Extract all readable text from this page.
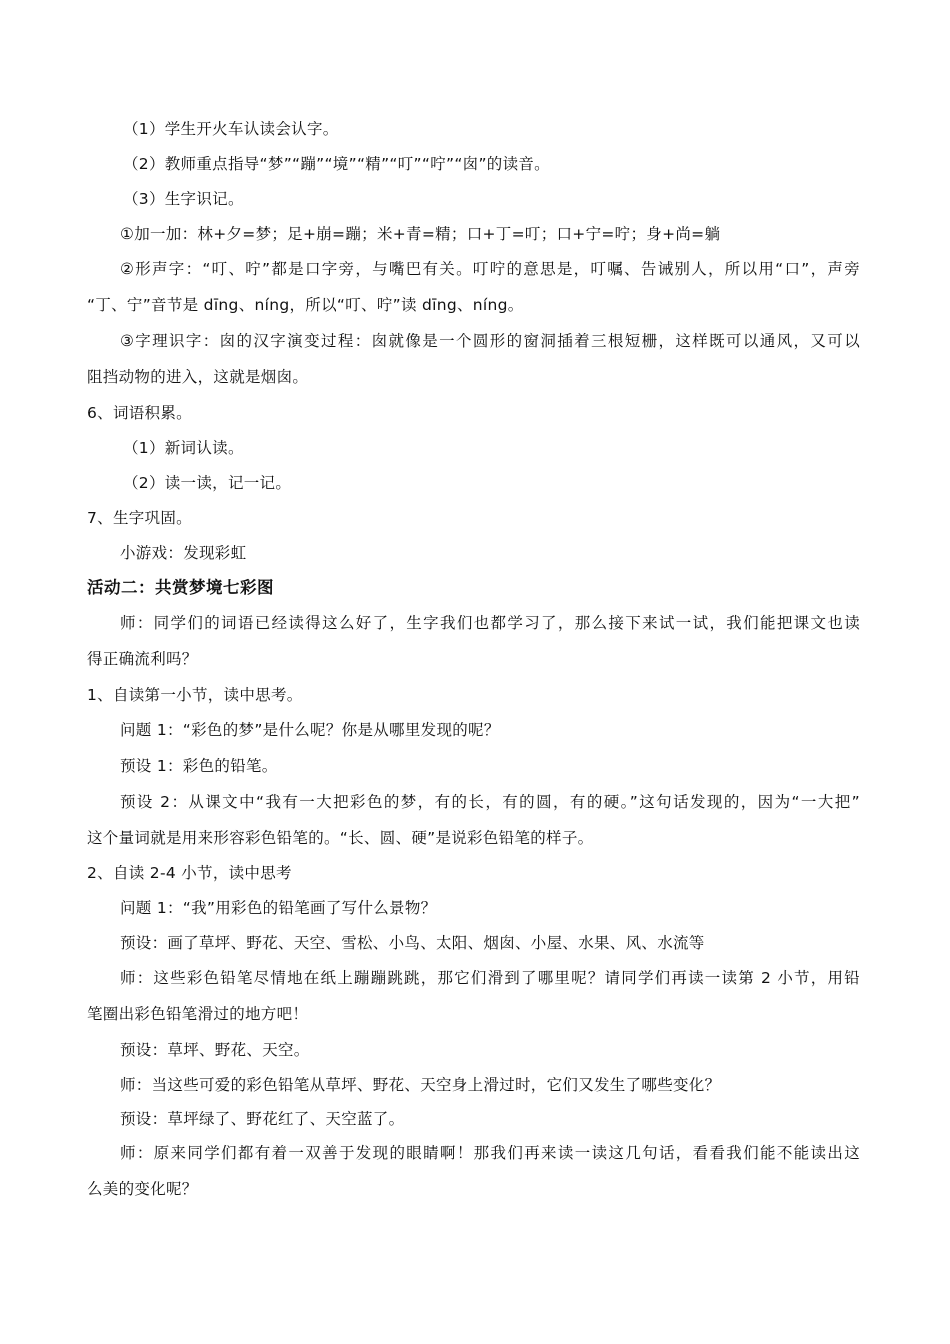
（1）学生开火车认读会认字。
（2）教师重点指导“梦”“蹦”“境”“精”“叮”“咛”“囱”的读音。
（3）生字识记。
①加一加：林+夕=梦；足+崩=蹦；米+青=精；口+丁=叮；口+宁=咛；身+尚=躺
②形声字：“叮、咛”都是口字旁，与嘴巴有关。叮咛的意思是，叮嘱、告诫别人，所以用“口”，声旁
“丁、宁”音节是 dīng、níng，所以“叮、咛”读 dīng、níng。
③字理识字：囱的汉字演变过程：囱就像是一个圆形的窗洞插着三根短栅，这样既可以通风，又可以
阻挡动物的进入，这就是烟囱。
6、词语积累。
（1）新词认读。
（2）读一读，记一记。
7、生字巩固。
小游戏：发现彩虹
活动二：共赏梦境七彩图
师：同学们的词语已经读得这么好了，生字我们也都学习了，那么接下来试一试，我们能把课文也读
得正确流利吗？
1、自读第一小节，读中思考。
问题 1：“彩色的梦”是什么呢？你是从哪里发现的呢？
预设 1：彩色的铅笔。
预设 2：从课文中“我有一大把彩色的梦，有的长，有的圆，有的硬。”这句话发现的，因为“一大把”
这个量词就是用来形容彩色铅笔的。“长、圆、硬”是说彩色铅笔的样子。
2、自读 2-4 小节，读中思考
问题 1：“我”用彩色的铅笔画了写什么景物？
预设：画了草坪、野花、天空、雪松、小鸟、太阳、烟囱、小屋、水果、风、水流等
师：这些彩色铅笔尽情地在纸上蹦蹦跳跳，那它们滑到了哪里呢？请同学们再读一读第 2 小节，用铅
笔圈出彩色铅笔滑过的地方吧！
预设：草坪、野花、天空。
师：当这些可爱的彩色铅笔从草坪、野花、天空身上滑过时，它们又发生了哪些变化？
预设：草坪绿了、野花红了、天空蓝了。
师：原来同学们都有着一双善于发现的眼睛啊！那我们再来读一读这几句话，看看我们能不能读出这
么美的变化呢？
